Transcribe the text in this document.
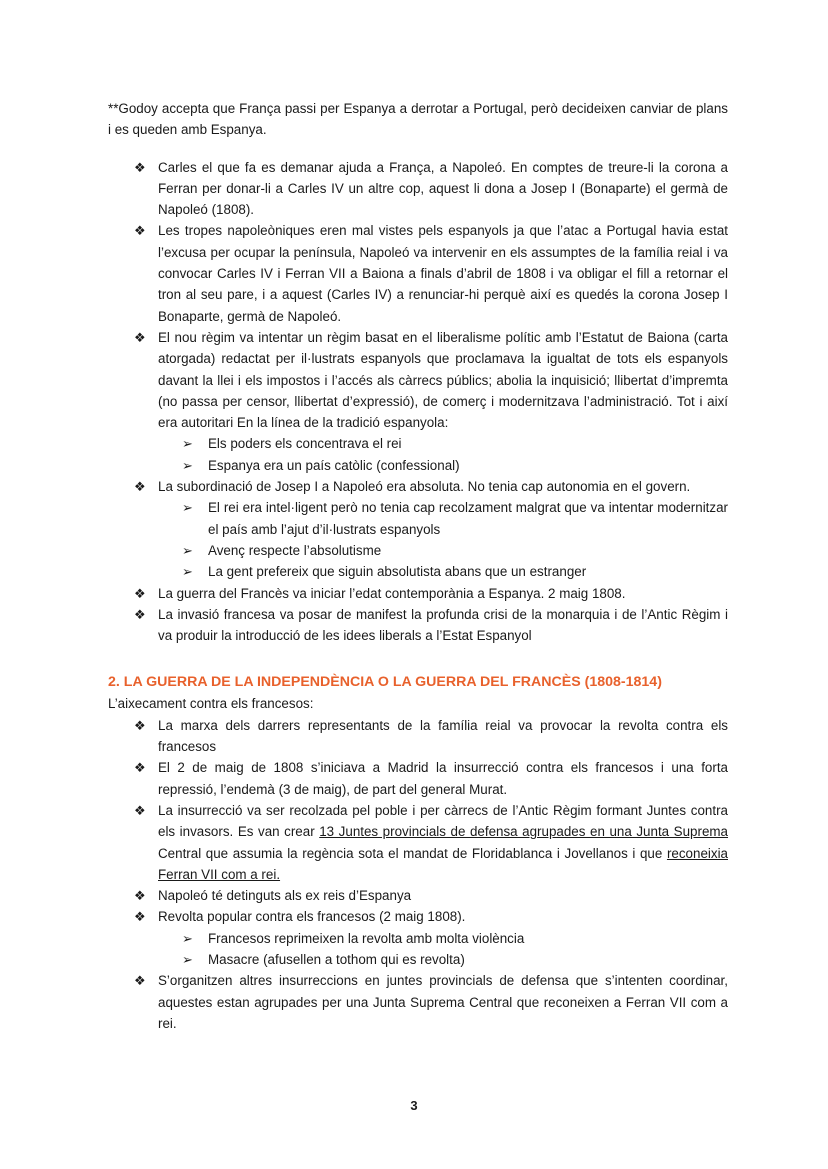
**Godoy accepta que França passi per Espanya a derrotar a Portugal, però decideixen canviar de plans i es queden amb Espanya.

❖ Carles el que fa es demanar ajuda a França, a Napoleó. En comptes de treure-li la corona a Ferran per donar-li a Carles IV un altre cop, aquest li dona a Josep I (Bonaparte) el germà de Napoleó (1808).
❖ Les tropes napoleòniques eren mal vistes pels espanyols ja que l’atac a Portugal havia estat l’excusa per ocupar la península, Napoleó va intervenir en els assumptes de la família reial i va convocar Carles IV i Ferran VII a Baiona a finals d’abril de 1808 i va obligar el fill a retornar el tron al seu pare, i a aquest (Carles IV) a renunciar-hi perquè així es quedés la corona Josep I Bonaparte, germà de Napoleó.
❖ El nou règim va intentar un règim basat en el liberalisme polític amb l’Estatut de Baiona (carta atorgada) redactat per il·lustrats espanyols que proclamava la igualtat de tots els espanyols davant la llei i els impostos i l’accés als càrrecs públics; abolia la inquisició; llibertat d’impremta (no passa per censor, llibertat d’expressió), de comerç i modernitzava l’administració. Tot i així era autoritari En la línea de la tradició espanyola:
➢ Els poders els concentrava el rei
➢ Espanya era un país catòlic (confessional)
❖ La subordinació de Josep I a Napoleó era absoluta. No tenia cap autonomia en el govern.
➢ El rei era intel·ligent però no tenia cap recolzament malgrat que va intentar modernitzar el país amb l’ajut d’il·lustrats espanyols
➢ Avenç respecte l’absolutisme
➢ La gent prefereix que siguin absolutista abans que un estranger
❖ La guerra del Francès va iniciar l’edat contemporània a Espanya. 2 maig 1808.
❖ La invasió francesa va posar de manifest la profunda crisi de la monarquia i de l’Antic Règim i va produir la introducció de les idees liberals a l’Estat Espanyol
2. LA GUERRA DE LA INDEPENDÈNCIA O LA GUERRA DEL FRANCÈS (1808-1814)

L’aixecament contra els francesos:

❖ La marxa dels darrers representants de la família reial va provocar la revolta contra els francesos
❖ El 2 de maig de 1808 s’iniciava a Madrid la insurrecció contra els francesos i una forta repressió, l’endemà (3 de maig), de part del general Murat.
❖ La insurrecció va ser recolzada pel poble i per càrrecs de l’Antic Règim formant Juntes contra els invasors. Es van crear 13 Juntes provincials de defensa agrupades en una Junta Suprema Central que assumia la regència sota el mandat de Floridablanca i Jovellanos i que reconeixia Ferran VII com a rei.
❖ Napoleó té detinguts als ex reis d’Espanya
❖ Revolta popular contra els francesos (2 maig 1808).
➢ Francesos reprimeixen la revolta amb molta violència
➢ Masacre (afusellen a tothom qui es revolta)
❖ S’organitzen altres insurreccions en juntes provincials de defensa que s’intenten coordinar, aquestes estan agrupades per una Junta Suprema Central que reconeixen a Ferran VII com a rei.
3
